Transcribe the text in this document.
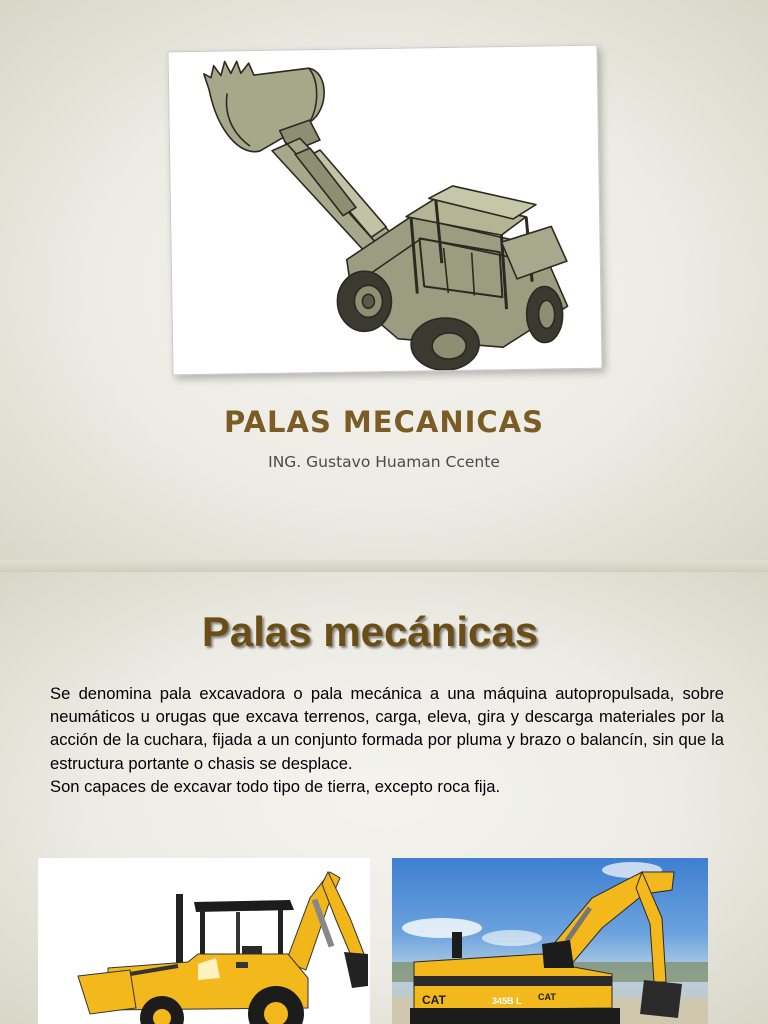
PALAS MECANICAS
ING. Gustavo Huaman Ccente
Palas mecánicas

Se denomina pala excavadora o pala mecánica a una máquina autopropulsada, sobre neumáticos u orugas que excava terrenos, carga, eleva, gira y descarga materiales por la acción de la cuchara, fijada a un conjunto formada por pluma y brazo o balancín, sin que la estructura portante o chasis se desplace.

Son capaces de excavar todo tipo de tierra, excepto roca fija.

CAT	345B L CAT
